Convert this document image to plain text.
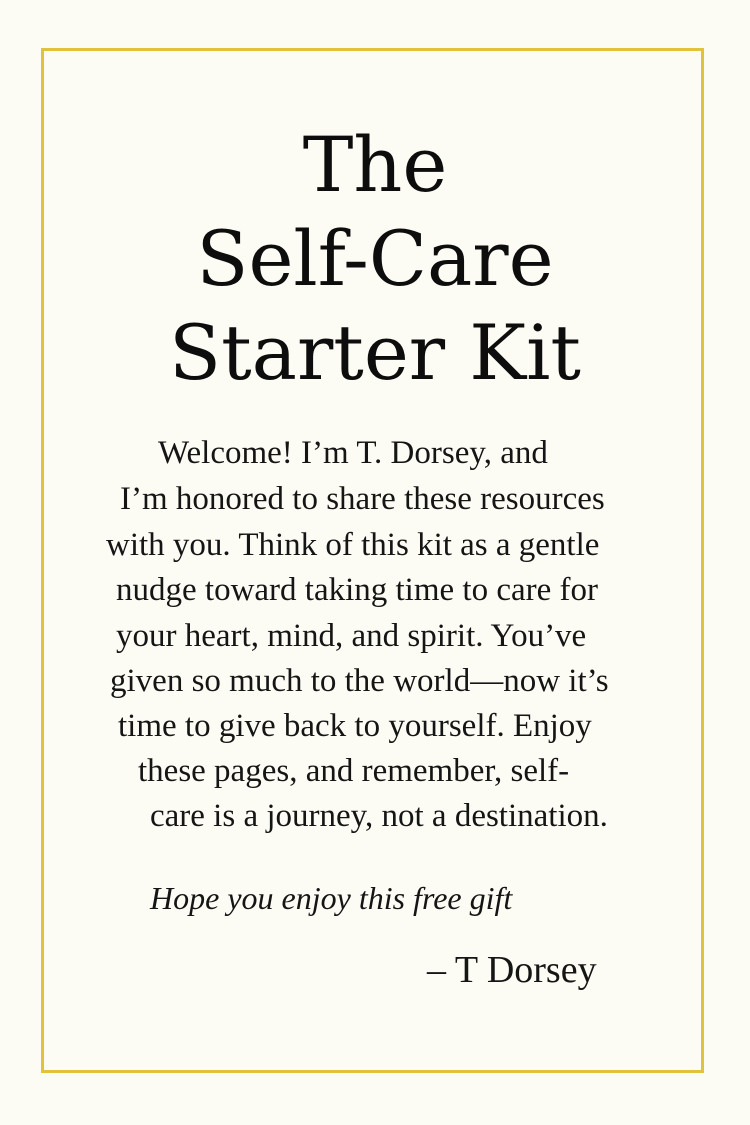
The
Self-Care
Starter Kit
Welcome! I’m T. Dorsey, and
I’m honored to share these resources
with you. Think of this kit as a gentle
nudge toward taking time to care for
your heart, mind, and spirit. You’ve
given so much to the world—now it’s
time to give back to yourself. Enjoy
these pages, and remember, self-
care is a journey, not a destination.
Hope you enjoy this free gift
– T Dorsey
